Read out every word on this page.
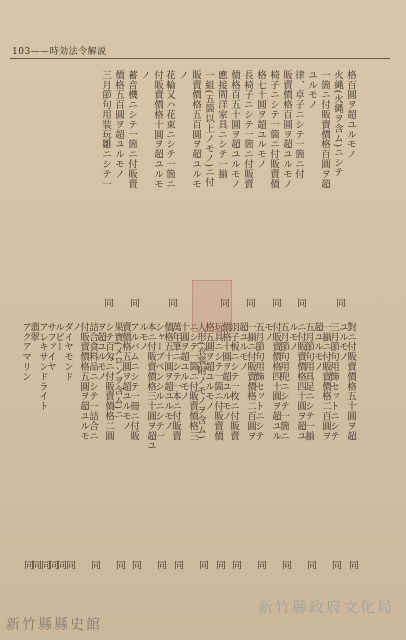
103——時効法令解説
格百圓ヲ超ユルモノ
火縄(火縄ヲ含ム)ニシテ
同
一箇ニ付販賣價格百圓ヲ超
ユルモノ
律、卓子ニシテ一箇ニ付
同
販賣價格百圓ヲ超ユルモノ
椅子ニシテ一箇ニ付販賣價
同
格七十圓ヲ超ユルモノ
長椅子ニシテ一箇ニ付販賣
同
價格百五十圓ヲ超ユルモノ
應接間洋家具ニシテ一揃
同
一組(五箇以上ノモノ)ニ付
販賣價格五百圓ヲ超ユルモ
ノ
花輪又ハ花束ニシテ一箇ニ
同
付販賣價格十圓ヲ超ユルモ
ノ
蓄音機ニシテ一箇ニ付販賣
同
價格五百圓ヲ超ユルモノ
三月節句用装玩雛ニシテ一
同
對ニ付販賣價格五十圓ヲ超
同
ユルモノ
三月節句用飾セットニシテ
同
一揃ニ付販賣價格二百圓ヲ
超ユルモノ
五月節句用具足ニシテ一揃
同
ニ付販賣價格四十圓ヲ超ユ
ルモノ
五月節句用兜ニシテ一箇ニ
同
付販賣價格四十圓ヲ超ユル
モノ
五月節句用飾セットニシテ
同
一揃ニ付販賣價格二百圓ヲ
超ユルモノ
羽子板ニシテ一枚ニ付販賣
同
價格十圓ヲ超ユルモノ
玩具ニシテ一箇ニ付販賣價
同
格五圓ヲ超ユルモノ
人形(衣裳附ノモノヲ含ム)
同
ニシテ一箇ニ付販賣價格三
十圓ヲ超ユルモノ
萬年筆ニシテ一本ニ付販賣
同
價格五十圓ヲ超ユルモノ
シャープペンシルニシテ一
同
本ニ付販賣價格三十圓ヲ超ユ
ルモノ
アルバムニシテ一冊ニ付販
同
賣價格五圓ヲ超ユルモノ
果實(メロンヲ含ム)ニ
同
シテ百匁ニ付販賣價格二圓
ヲ超ユルモノ
詰合食料品ニシテ一詰合ニ
同
付販賣價格五圓ヲ超ユルモ
ノ
ダイヤモンド
同
ルビー
同
サファイヤ
同
アレキサンドライト
同
翡翠
同
アクアマリン
同
新竹縣政府文化局
新竹縣縣史館
